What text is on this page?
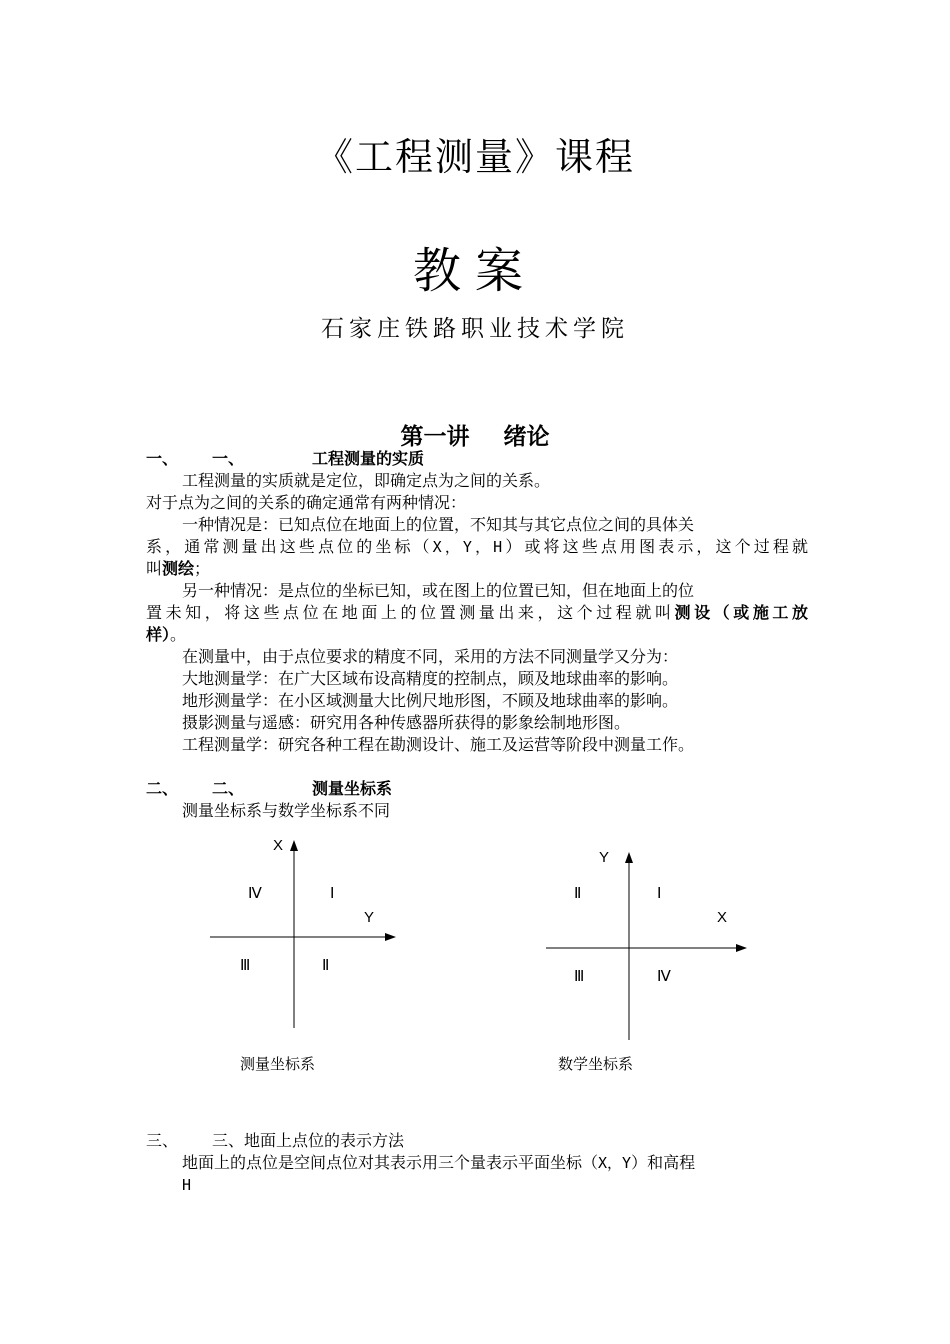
《工程测量》课程
教案
石家庄铁路职业技术学院
第一讲 绪论
一、 一、	工程测量的实质
工程测量的实质就是定位，即确定点为之间的关系。
对于点为之间的关系的确定通常有两种情况：
一种情况是：已知点位在地面上的位置，不知其与其它点位之间的具体关
系，通常测量出这些点位的坐标（X，Y，H）或将这些点用图表示，这个过程就
叫测绘；
另一种情况：是点位的坐标已知，或在图上的位置已知，但在地面上的位
置未知，将这些点位在地面上的位置测量出来，这个过程就叫测设（或施工放
样）。
在测量中，由于点位要求的精度不同，采用的方法不同测量学又分为：
大地测量学：在广大区域布设高精度的控制点，顾及地球曲率的影响。
地形测量学：在小区域测量大比例尺地形图，不顾及地球曲率的影响。
摄影测量与遥感：研究用各种传感器所获得的影象绘制地形图。
工程测量学：研究各种工程在勘测设计、施工及运营等阶段中测量工作。
二、 二、	测量坐标系
测量坐标系与数学坐标系不同
X
Y
Ⅳ	Ⅰ
Ⅲ	Ⅱ
测量坐标系
Y
X
Ⅱ	Ⅰ
Ⅲ	Ⅳ
数学坐标系
三、 三、地面上点位的表示方法
地面上的点位是空间点位对其表示用三个量表示平面坐标（X，Y）和高程
H
